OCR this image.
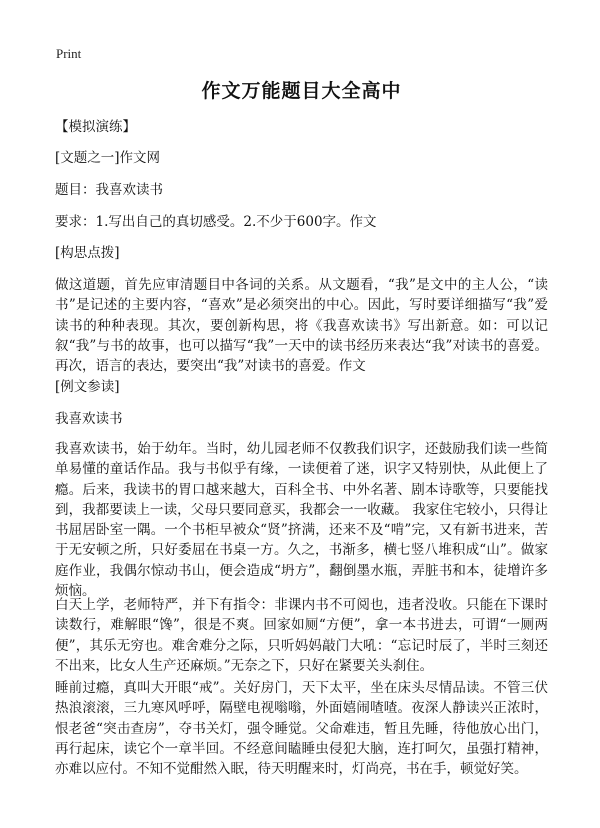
Print
作文万能题目大全高中
【模拟演练】
[文题之一]作文网
题目：我喜欢读书
要求：1.写出自己的真切感受。2.不少于600字。作文
[构思点拨]
做这道题，首先应审清题目中各词的关系。从文题看，“我”是文中的主人公，“读书”是记述的主要内容，“喜欢”是必须突出的中心。因此，写时要详细描写“我”爱读书的种种表现。其次，要创新构思，将《我喜欢读书》写出新意。如：可以记叙“我”与书的故事，也可以描写“我”一天中的读书经历来表达“我”对读书的喜爱。再次，语言的表达，要突出“我”对读书的喜爱。作文
[例文参读]
我喜欢读书
我喜欢读书，始于幼年。当时，幼儿园老师不仅教我们识字，还鼓励我们读一些简单易懂的童话作品。我与书似乎有缘，一读便着了迷，识字又特别快，从此便上了瘾。后来，我读书的胃口越来越大，百科全书、中外名著、剧本诗歌等，只要能找到，我都要读上一读，父母只要同意买，我都会一一收藏。 我家住宅较小，只得让书屈居卧室一隅。一个书柜早被众“贤”挤满，还来不及“啃”完，又有新书进来，苦于无安顿之所，只好委屈在书桌一方。久之，书渐多，横七竖八堆积成“山”。做家庭作业，我偶尔惊动书山，便会造成“坍方”，翻倒墨水瓶，弄脏书和本，徒增许多烦恼。
白天上学，老师特严，并下有指令：非课内书不可阅也，违者没收。只能在下课时读数行，难解眼“馋”，很是不爽。回家如厕“方便”，拿一本书进去，可谓“一厕两便”，其乐无穷也。难舍难分之际，只听妈妈敲门大吼：“忘记时辰了，半时三刻还不出来，比女人生产还麻烦。”无奈之下，只好在紧要关头刹住。
睡前过瘾，真叫大开眼“戒”。关好房门，天下太平，坐在床头尽情品读。不管三伏热浪滚滚，三九寒风呼呼，隔壁电视嗡嗡，外面嬉闹喳喳。夜深人静读兴正浓时，恨老爸“突击查房”，夺书关灯，强令睡觉。父命难违，暂且先睡，待他放心出门，再行起床，读它个一章半回。不经意间瞌睡虫侵犯大脑，连打呵欠，虽强打精神，亦难以应付。不知不觉酣然入眠，待天明醒来时，灯尚亮，书在手，顿觉好笑。
